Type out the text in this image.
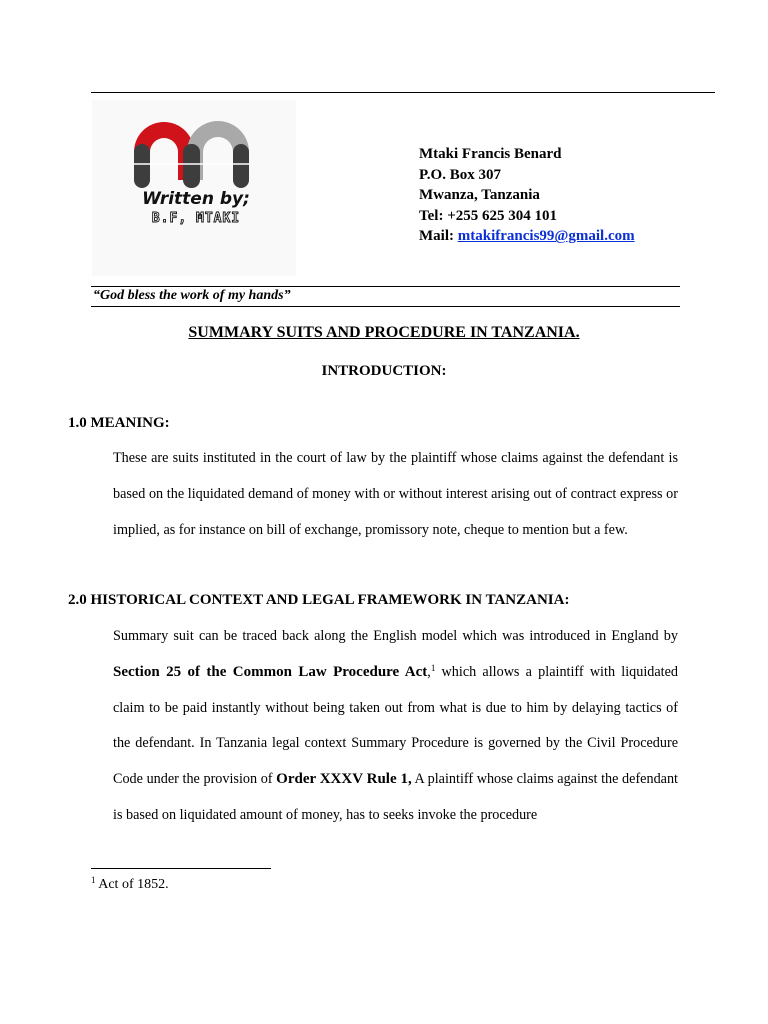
Written by;
B.F, MTAKI
Mtaki Francis Benard
P.O. Box 307
Mwanza, Tanzania
Tel: +255 625 304 101
Mail: mtakifrancis99@gmail.com
“God bless the work of my hands”
SUMMARY SUITS AND PROCEDURE IN TANZANIA.
INTRODUCTION:
1.0 MEANING:
These are suits instituted in the court of law by the plaintiff whose claims against the defendant is based on the liquidated demand of money with or without interest arising out of contract express or implied, as for instance on bill of exchange, promissory note, cheque to mention but a few.
2.0 HISTORICAL CONTEXT AND LEGAL FRAMEWORK IN TANZANIA:
Summary suit can be traced back along the English model which was introduced in England by Section 25 of the Common Law Procedure Act,$^1$ which allows a plaintiff with liquidated claim to be paid instantly without being taken out from what is due to him by delaying tactics of the defendant. In Tanzania legal context Summary Procedure is governed by the Civil Procedure Code under the provision of Order XXXV Rule 1, A plaintiff whose claims against the defendant is based on liquidated amount of money, has to seeks invoke the procedure
$^1$ Act of 1852.
